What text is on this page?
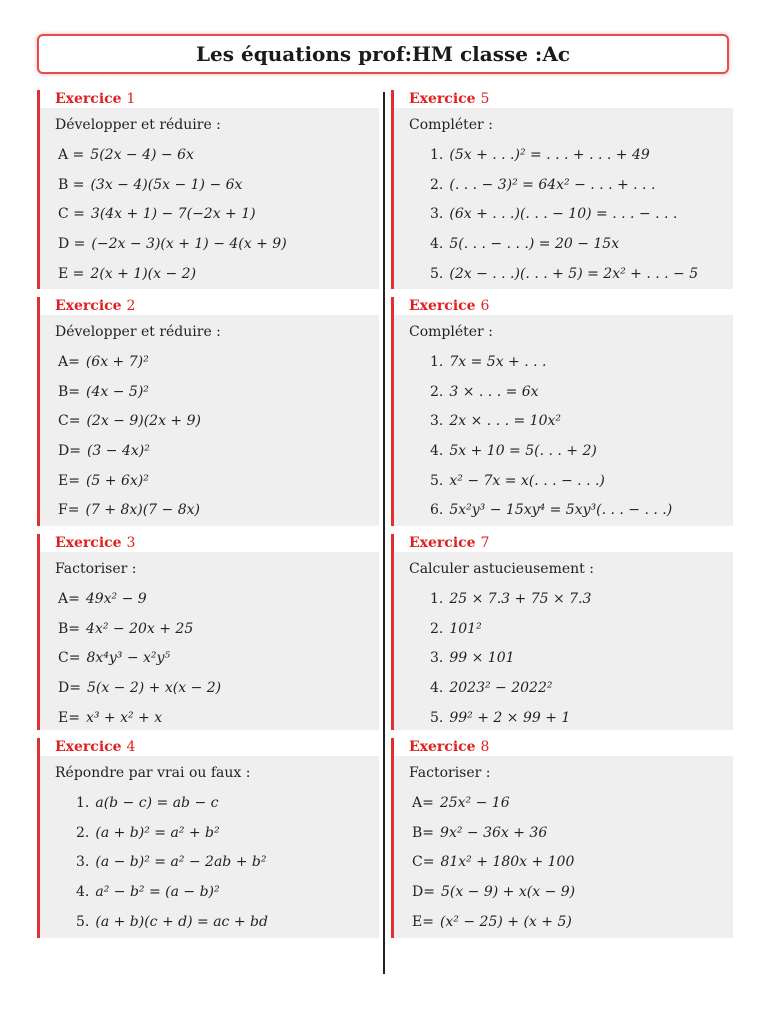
Les équations prof:HM classe :Ac
Exercice 1
Développer et réduire :
A = 5(2x − 4) − 6x
B = (3x − 4)(5x − 1) − 6x
C = 3(4x + 1) − 7(−2x + 1)
D = (−2x − 3)(x + 1) − 4(x + 9)
E = 2(x + 1)(x − 2)
Exercice 2
Développer et réduire :
A= (6x + 7)²
B= (4x − 5)²
C= (2x − 9)(2x + 9)
D= (3 − 4x)²
E= (5 + 6x)²
F= (7 + 8x)(7 − 8x)
Exercice 3
Factoriser :
A= 49x² − 9
B= 4x² − 20x + 25
C= 8x⁴y³ − x²y⁵
D= 5(x − 2) + x(x − 2)
E= x³ + x² + x
Exercice 4
Répondre par vrai ou faux :
1. a(b − c) = ab − c
2. (a + b)² = a² + b²
3. (a − b)² = a² − 2ab + b²
4. a² − b² = (a − b)²
5. (a + b)(c + d) = ac + bd
Exercice 5
Compléter :
1. (5x + . . .)² = . . . + . . . + 49
2. (. . . − 3)² = 64x² − . . . + . . .
3. (6x + . . .)(. . . − 10) = . . . − . . .
4. 5(. . . − . . .) = 20 − 15x
5. (2x − . . .)(. . . + 5) = 2x² + . . . − 5
Exercice 6
Compléter :
1. 7x = 5x + . . .
2. 3 × . . . = 6x
3. 2x × . . . = 10x²
4. 5x + 10 = 5(. . . + 2)
5. x² − 7x = x(. . . − . . .)
6. 5x²y³ − 15xy⁴ = 5xy³(. . . − . . .)
Exercice 7
Calculer astucieusement :
1. 25 × 7.3 + 75 × 7.3
2. 101²
3. 99 × 101
4. 2023² − 2022²
5. 99² + 2 × 99 + 1
Exercice 8
Factoriser :
A= 25x² − 16
B= 9x² − 36x + 36
C= 81x² + 180x + 100
D= 5(x − 9) + x(x − 9)
E= (x² − 25) + (x + 5)
